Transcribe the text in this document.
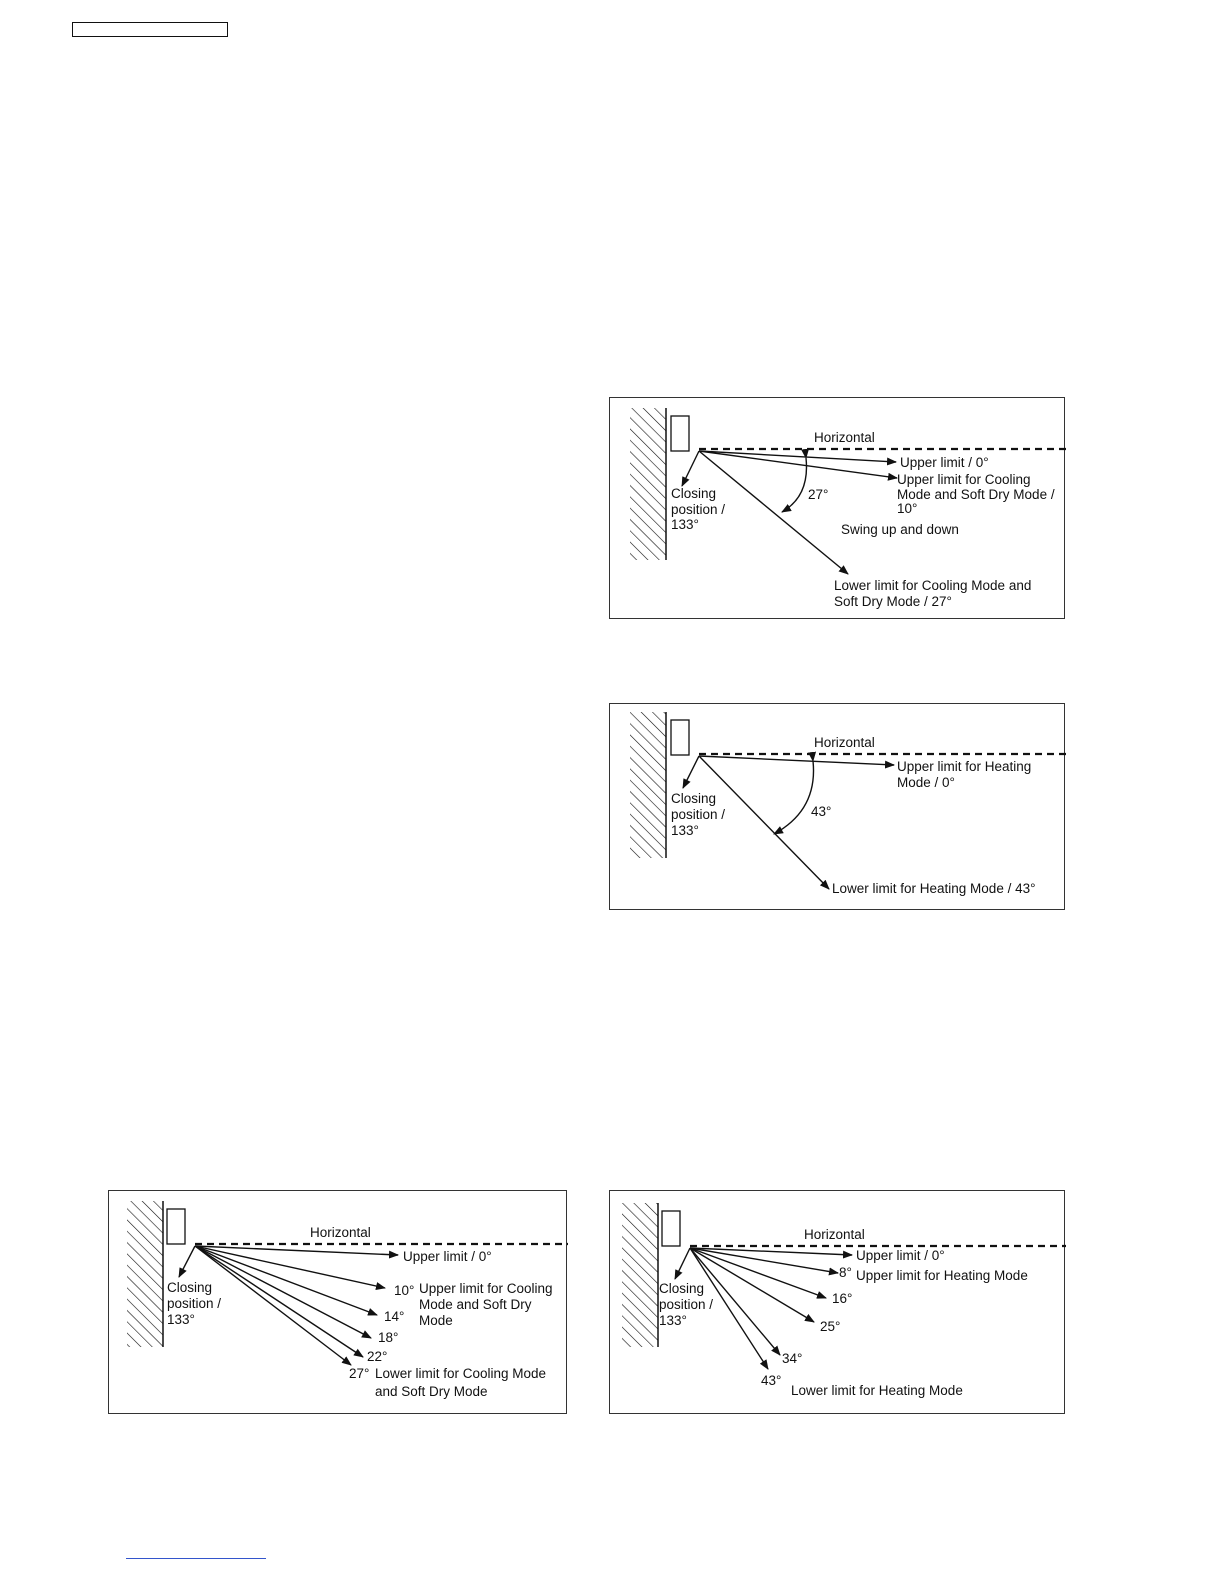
Horizontal
Upper limit / 0°
Upper limit for Cooling
Mode and Soft Dry Mode /
10°
Closing
position /
133°
27°
Swing up and down
Lower limit for Cooling Mode and
Soft Dry Mode / 27°
Horizontal
Upper limit for Heating
Mode / 0°
Closing
position /
133°
43°
Lower limit for Heating Mode / 43°
Horizontal
Upper limit / 0°
10° Upper limit for Cooling
Mode and Soft Dry
Mode
14°
18°
22°
27° Lower limit for Cooling Mode
and Soft Dry Mode
Closing
position /
133°
Horizontal
Upper limit / 0°
8° Upper limit for Heating Mode
16°
25°
34°
43°
Lower limit for Heating Mode
Closing
position /
133°
